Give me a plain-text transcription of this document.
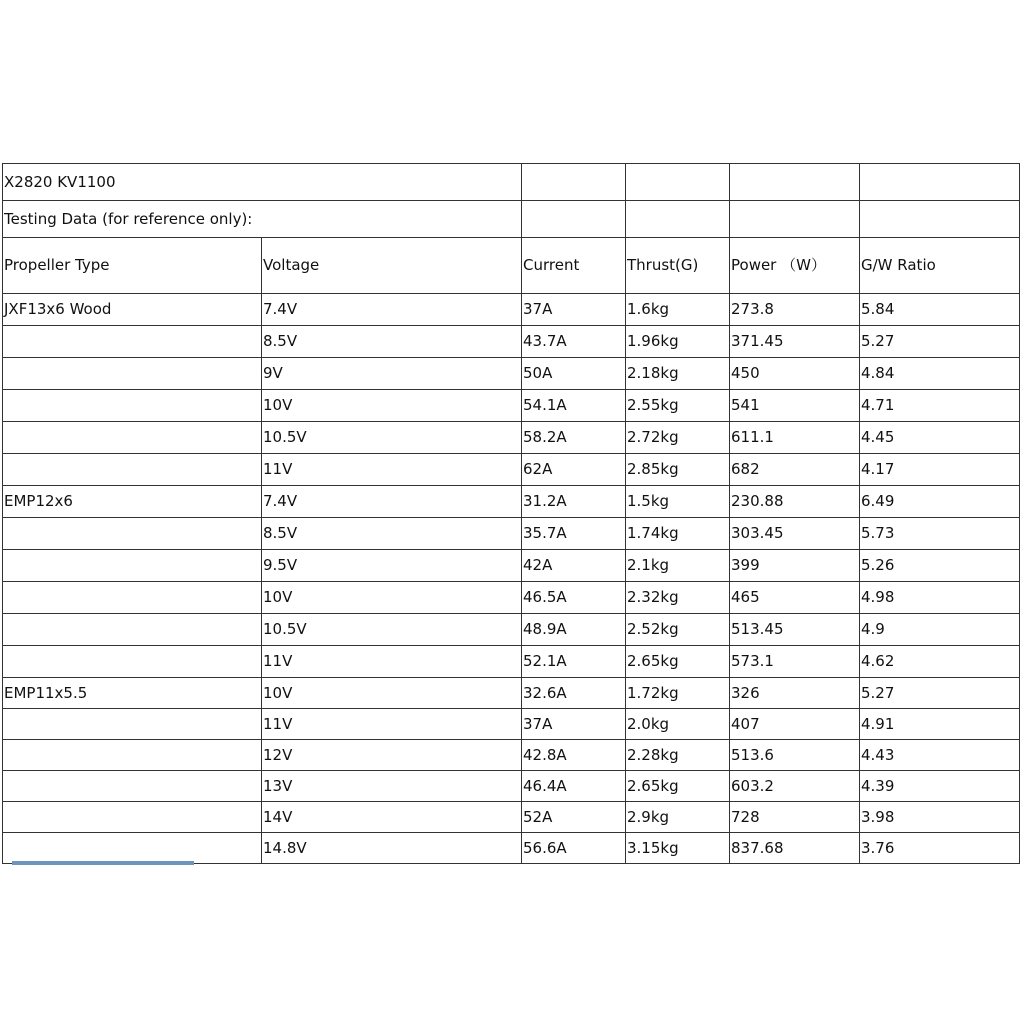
X2820 KV1100					
Testing Data (for reference only):					
Propeller Type	Voltage	Current	Thrust(G)	Power （W）	G/W Ratio
JXF13x6 Wood	7.4V	37A	1.6kg	273.8	5.84
	8.5V	43.7A	1.96kg	371.45	5.27
	9V	50A	2.18kg	450	4.84
	10V	54.1A	2.55kg	541	4.71
	10.5V	58.2A	2.72kg	611.1	4.45
	11V	62A	2.85kg	682	4.17
EMP12x6	7.4V	31.2A	1.5kg	230.88	6.49
	8.5V	35.7A	1.74kg	303.45	5.73
	9.5V	42A	2.1kg	399	5.26
	10V	46.5A	2.32kg	465	4.98
	10.5V	48.9A	2.52kg	513.45	4.9
	11V	52.1A	2.65kg	573.1	4.62
EMP11x5.5	10V	32.6A	1.72kg	326	5.27
	11V	37A	2.0kg	407	4.91
	12V	42.8A	2.28kg	513.6	4.43
	13V	46.4A	2.65kg	603.2	4.39
	14V	52A	2.9kg	728	3.98
	14.8V	56.6A	3.15kg	837.68	3.76
